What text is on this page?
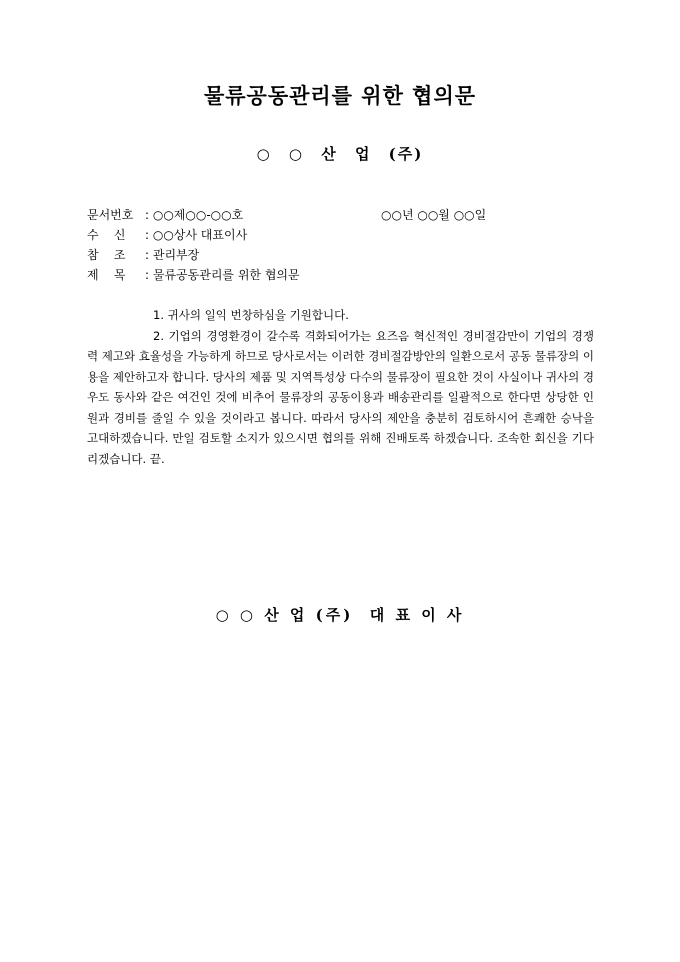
물류공동관리를 위한 협의문
○ ○ 산 업 (주)
문서번호 : ○○제○○-○○호
수    신 : ○○상사 대표이사
참    조 : 관리부장
제    목 : 물류공동관리를 위한 협의문
○○년 ○○월 ○○일

1. 귀사의 일익 번창하심을 기원합니다.

2. 기업의 경영환경이 갈수록 격화되어가는 요즈음 혁신적인 경비절감만이 기업의 경쟁력 제고와 효율성을 가능하게 하므로 당사로서는 이러한 경비절감방안의 일환으로서 공동 물류장의 이용을 제안하고자 합니다. 당사의 제품 및 지역특성상 다수의 물류장이 필요한 것이 사실이나 귀사의 경우도 동사와 같은 여건인 것에 비추어 물류장의 공동이용과 배송관리를 일괄적으로 한다면 상당한 인원과 경비를 줄일 수 있을 것이라고 봅니다. 따라서 당사의 제안을 충분히 검토하시어 흔쾌한 승낙을 고대하겠습니다. 만일 검토할 소지가 있으시면 협의를 위해 진배토록 하겠습니다. 조속한 회신을 기다리겠습니다. 끝.

○ ○ 산 업 (주)  대 표 이 사
